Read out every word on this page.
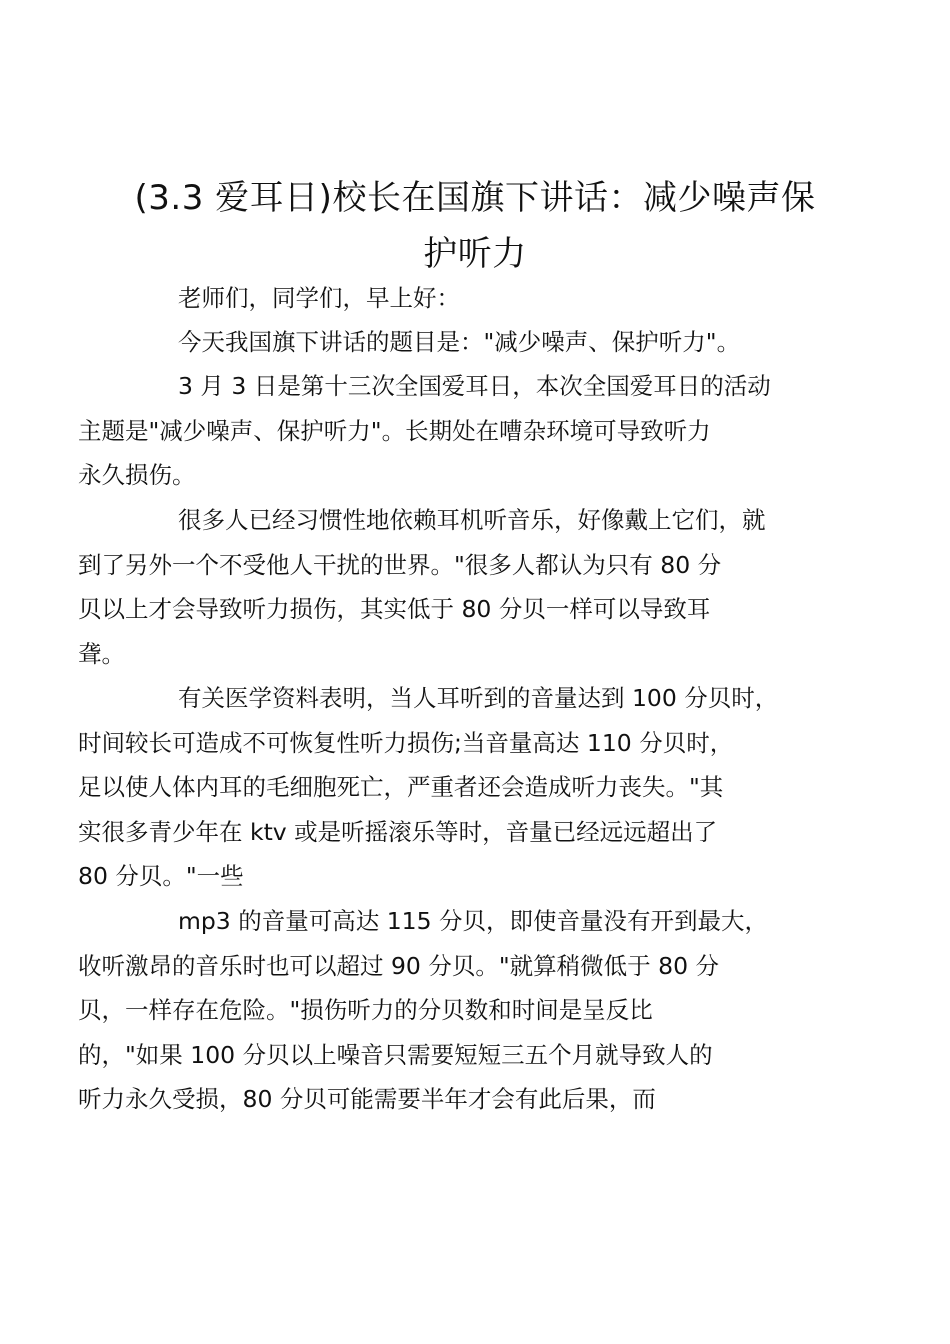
(3.3 爱耳日)校长在国旗下讲话：减少噪声保
护听力

老师们，同学们，早上好：

今天我国旗下讲话的题目是："减少噪声、保护听力"。

3 月 3 日是第十三次全国爱耳日，本次全国爱耳日的活动
主题是"减少噪声、保护听力"。长期处在嘈杂环境可导致听力
永久损伤。

很多人已经习惯性地依赖耳机听音乐，好像戴上它们，就
到了另外一个不受他人干扰的世界。"很多人都认为只有 80 分
贝以上才会导致听力损伤，其实低于 80 分贝一样可以导致耳
聋。

有关医学资料表明，当人耳听到的音量达到 100 分贝时，
时间较长可造成不可恢复性听力损伤;当音量高达 110 分贝时，
足以使人体内耳的毛细胞死亡，严重者还会造成听力丧失。"其
实很多青少年在 ktv 或是听摇滚乐等时，音量已经远远超出了
80 分贝。"一些

mp3 的音量可高达 115 分贝，即使音量没有开到最大，
收听激昂的音乐时也可以超过 90 分贝。"就算稍微低于 80 分
贝，一样存在危险。"损伤听力的分贝数和时间是呈反比
的，"如果 100 分贝以上噪音只需要短短三五个月就导致人的
听力永久受损，80 分贝可能需要半年才会有此后果，而
